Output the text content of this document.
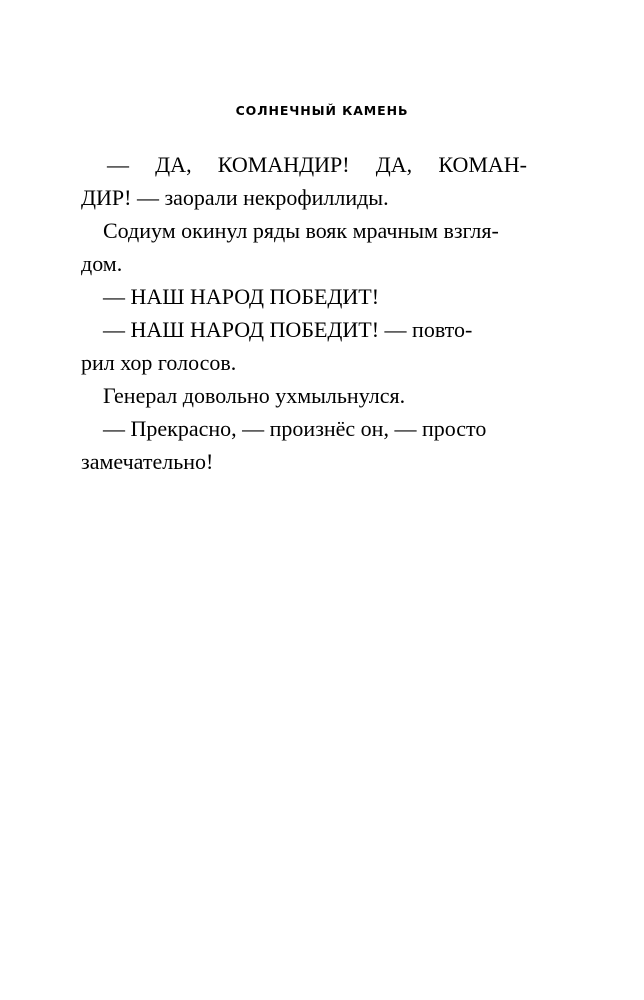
СОЛНЕЧНЫЙ КАМЕНЬ
— ДА, КОМАНДИР! ДА, КОМАН-
ДИР! — заорали некрофиллиды.
Содиум окинул ряды вояк мрачным взгля-
дом.
— НАШ НАРОД ПОБЕДИТ!
— НАШ НАРОД ПОБЕДИТ! — повто-
рил хор голосов.
Генерал довольно ухмыльнулся.
— Прекрасно, — произнёс он, — просто
замечательно!
